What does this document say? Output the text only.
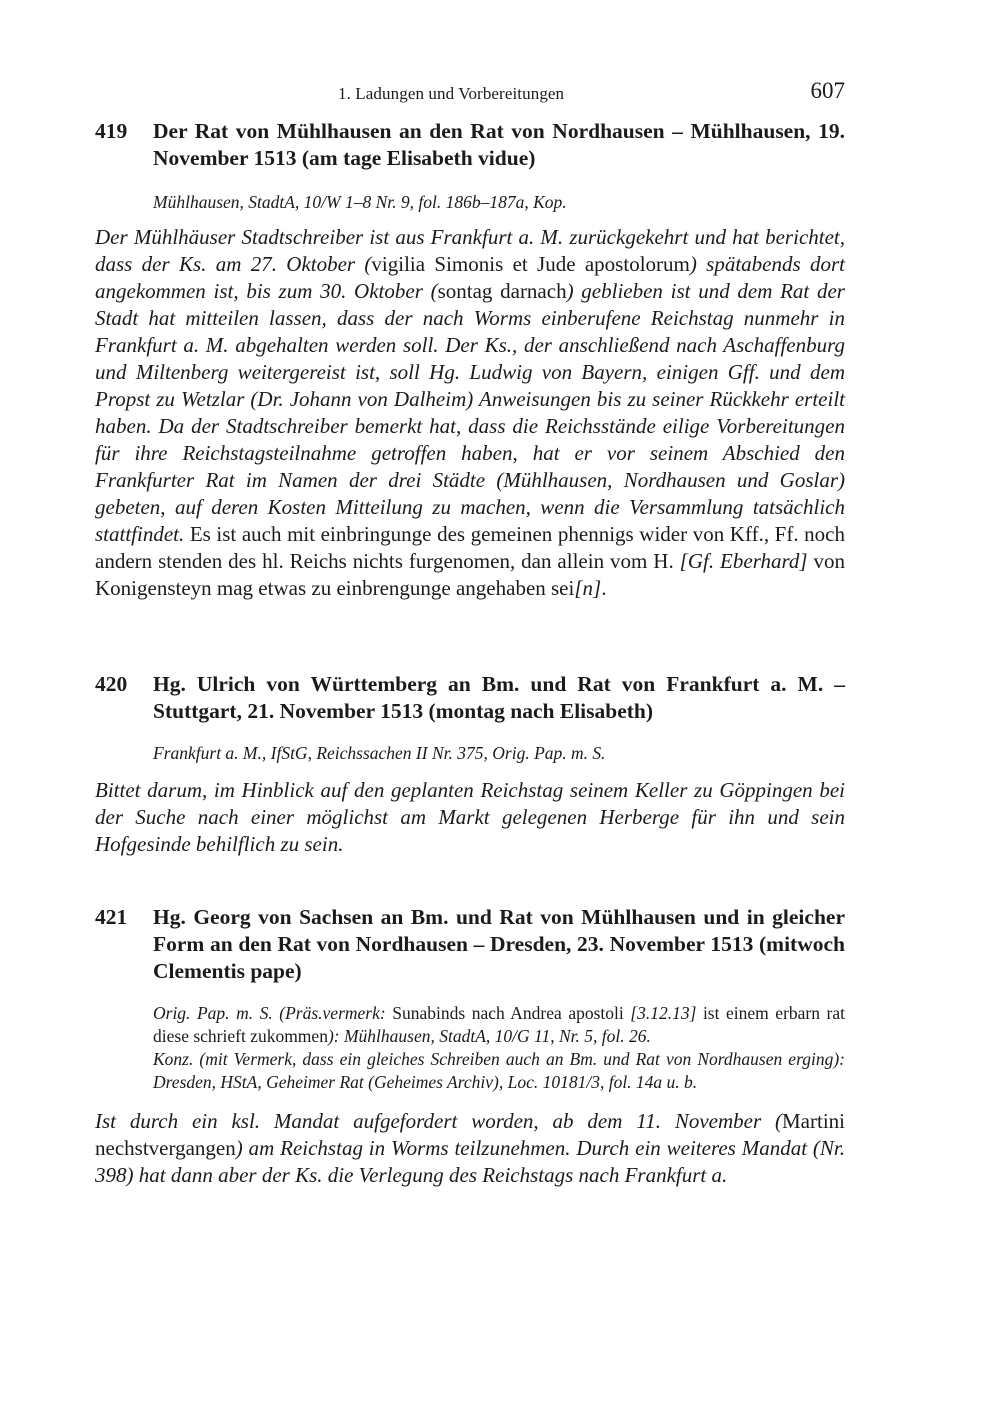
1. Ladungen und Vorbereitungen	607
419 Der Rat von Mühlhausen an den Rat von Nordhausen – Mühlhausen, 19. November 1513 (am tage Elisabeth vidue)
Mühlhausen, StadtA, 10/W 1–8 Nr. 9, fol. 186b–187a, Kop.
Der Mühlhäuser Stadtschreiber ist aus Frankfurt a. M. zurückgekehrt und hat berichtet, dass der Ks. am 27. Oktober (vigilia Simonis et Jude apostolorum) spätabends dort angekommen ist, bis zum 30. Oktober (sontag darnach) geblieben ist und dem Rat der Stadt hat mitteilen lassen, dass der nach Worms einberufene Reichstag nunmehr in Frankfurt a. M. abgehalten werden soll. Der Ks., der anschließend nach Aschaffenburg und Miltenberg weitergereist ist, soll Hg. Ludwig von Bayern, einigen Gff. und dem Propst zu Wetzlar (Dr. Johann von Dalheim) Anweisungen bis zu seiner Rückkehr erteilt haben. Da der Stadtschreiber bemerkt hat, dass die Reichsstände eilige Vorbereitungen für ihre Reichstagsteilnahme getroffen haben, hat er vor seinem Abschied den Frankfurter Rat im Namen der drei Städte (Mühlhausen, Nordhausen und Goslar) gebeten, auf deren Kosten Mitteilung zu machen, wenn die Versammlung tatsächlich stattfindet. Es ist auch mit einbringunge des gemeinen phennigs wider von Kff., Ff. noch andern stenden des hl. Reichs nichts furgenomen, dan allein vom H. [Gf. Eberhard] von Konigensteyn mag etwas zu einbrengunge angehaben sei[n].
420 Hg. Ulrich von Württemberg an Bm. und Rat von Frankfurt a. M. – Stuttgart, 21. November 1513 (montag nach Elisabeth)
Frankfurt a. M., IfStG, Reichssachen II Nr. 375, Orig. Pap. m. S.
Bittet darum, im Hinblick auf den geplanten Reichstag seinem Keller zu Göppingen bei der Suche nach einer möglichst am Markt gelegenen Herberge für ihn und sein Hofgesinde behilflich zu sein.
421 Hg. Georg von Sachsen an Bm. und Rat von Mühlhausen und in gleicher Form an den Rat von Nordhausen – Dresden, 23. November 1513 (mitwoch Clementis pape)
Orig. Pap. m. S. (Präs.vermerk: Sunabinds nach Andrea apostoli [3.12.13] ist einem erbarn rat diese schrieft zukommen): Mühlhausen, StadtA, 10/G 11, Nr. 5, fol. 26.
Konz. (mit Vermerk, dass ein gleiches Schreiben auch an Bm. und Rat von Nordhausen erging): Dresden, HStA, Geheimer Rat (Geheimes Archiv), Loc. 10181/3, fol. 14a u. b.
Ist durch ein ksl. Mandat aufgefordert worden, ab dem 11. November (Martini nechstvergangen) am Reichstag in Worms teilzunehmen. Durch ein weiteres Mandat (Nr. 398) hat dann aber der Ks. die Verlegung des Reichstags nach Frankfurt a.
